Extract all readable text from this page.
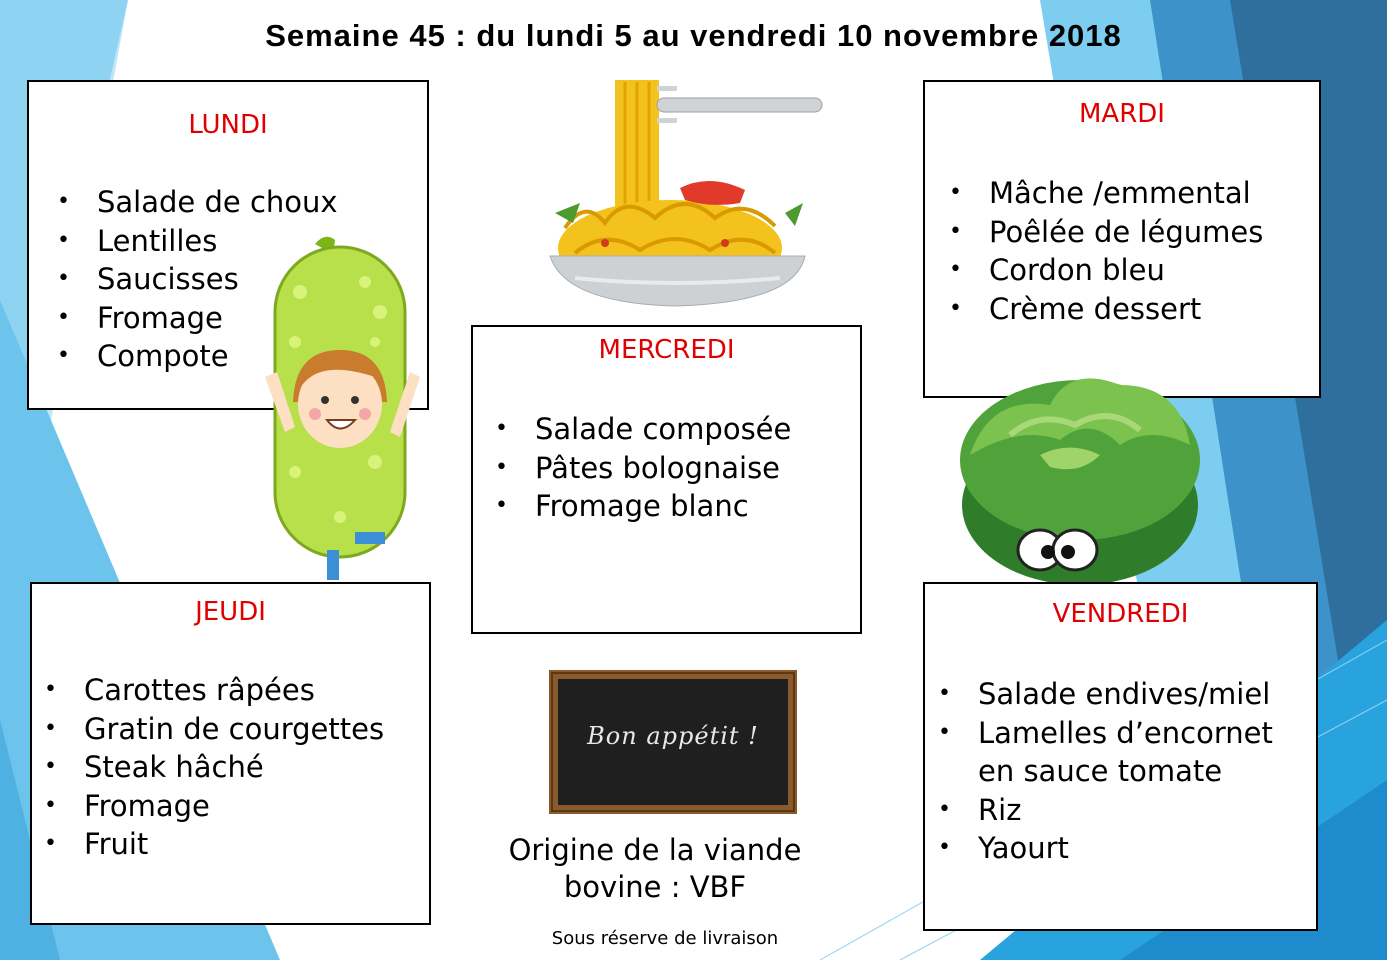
Semaine 45 : du lundi 5 au vendredi 10 novembre 2018
LUNDI
• Salade de choux
• Lentilles
• Saucisses
• Fromage
• Compote
MARDI
• Mâche /emmental
• Poêlée de légumes
• Cordon bleu
• Crème dessert
MERCREDI
• Salade composée
• Pâtes bolognaise
• Fromage blanc
JEUDI
• Carottes râpées
• Gratin de courgettes
• Steak hâché
• Fromage
• Fruit
Bon appétit !
Origine de la viande
bovine : VBF
VENDREDI
• Salade endives/miel
• Lamelles d’encornet
en sauce tomate
• Riz
• Yaourt
Sous réserve de livraison
